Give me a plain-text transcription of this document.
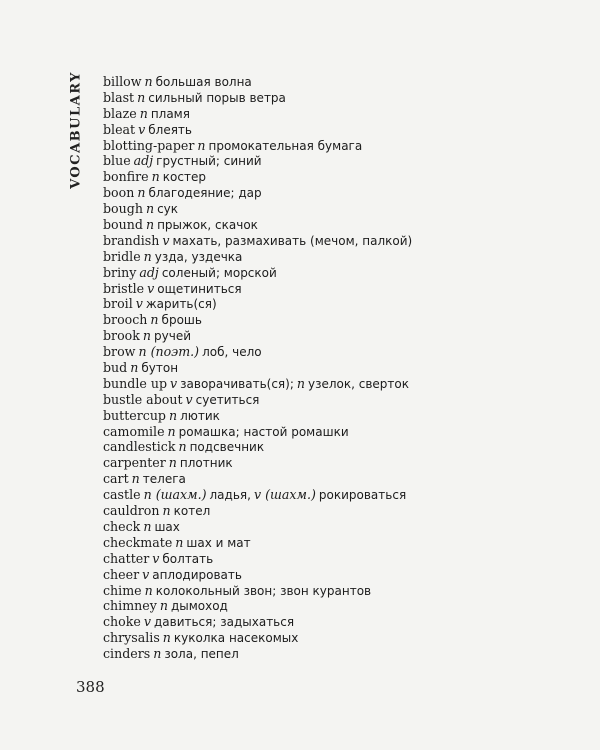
VOCABULARY billow n большая волна
blast n сильный порыв ветра
blaze n пламя
bleat v блеять
blotting-paper n промокательная бумага
blue adj грустный; синий
bonfire n костер
boon n благодеяние; дар
bough n сук
bound n прыжок, скачок
brandish v махать, размахивать (мечом, палкой)
bridle n узда, уздечка
briny adj соленый; морской
bristle v ощетиниться
broil v жарить(ся)
brooch n брошь
brook n ручей
brow n (поэт.) лоб, чело
bud n бутон
bundle up v заворачивать(ся); n узелок, сверток
bustle about v суетиться
buttercup n лютик
camomile n ромашка; настой ромашки
candlestick n подсвечник
carpenter n плотник
cart n телега
castle n (шахм.) ладья, v (шахм.) рокироваться
cauldron n котел
check n шах
checkmate n шах и мат
chatter v болтать
cheer v аплодировать
chime n колокольный звон; звон курантов
chimney n дымоход
choke v давиться; задыхаться
chrysalis n куколка насекомых
cinders n зола, пепел
388
